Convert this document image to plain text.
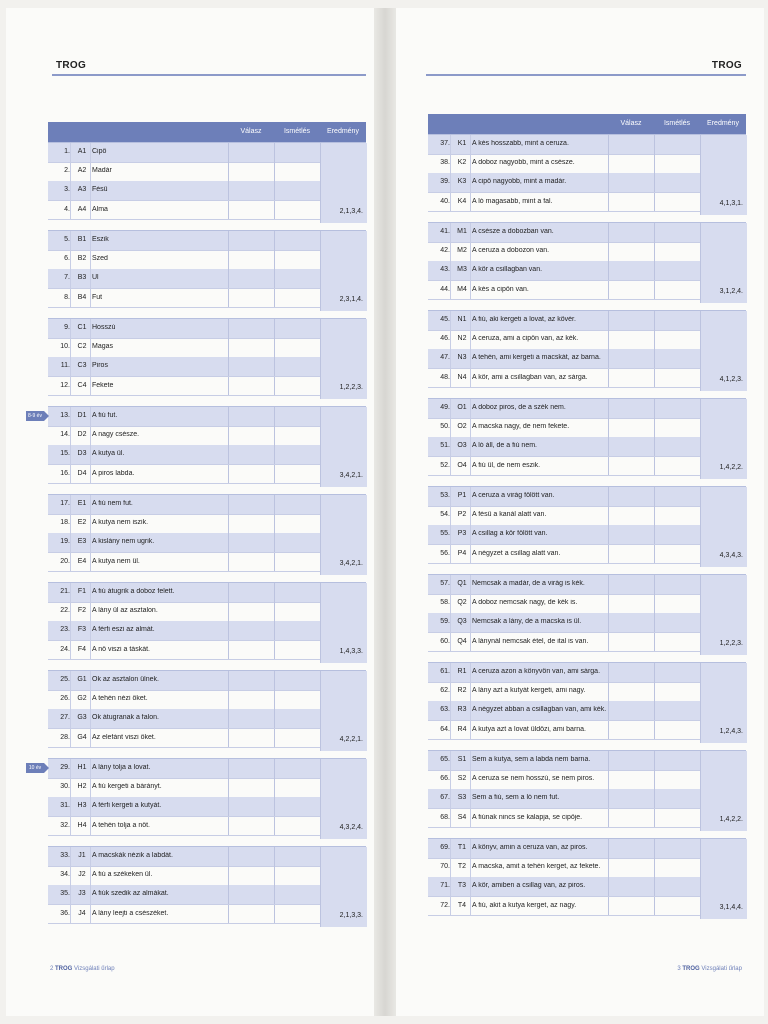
TROG
Válasz	Ismétlés	Eredmény
2 TROG Vizsgálati űrlap
1.	A1 Cipő
2.	A2 Madár
3.	A3 Fésű
4.	A4 Alma	2,1,3,4.
5.	B1 Eszik
6.	B2 Szed
7.	B3 Ül
8.	B4 Fut	2,3,1,4.
9.	C1 Hosszú
10.	C2 Magas
11.	C3 Piros
12.	C4 Fekete	1,2,2,3.
13.	D1 A fiú fut.
14.	D2 A nagy csésze.
15.	D3 A kutya ül.
16.	D4 A piros labda.	3,4,2,1.
8-9 év
17.	E1 A fiú nem fut.
18.	E2 A kutya nem iszik.
19.	E3 A kislány nem ugrik.
20.	E4 A kutya nem ül.	3,4,2,1.
21.	F1 A fiú átugrik a doboz felett.
22.	F2 A lány ül az asztalon.
23.	F3 A férfi eszi az almát.
24.	F4 A nő viszi a táskát.	1,4,3,3.
25.	G1 Ők az asztalon ülnek.
26.	G2 A tehén nézi őket.
27.	G3 Ők átugranak a falon.
28.	G4 Az elefánt viszi őket.	4,2,2,1.
29.	H1 A lány tolja a lovat.
30.	H2 A fiú kergeti a bárányt.
31.	H3 A férfi kergeti a kutyát.
32.	H4 A tehén tolja a nőt.	4,3,2,4.
10 év
33.	J1 A macskák nézik a labdát.
34.	J2 A fiú a székeken ül.
35.	J3 A fiúk szedik az almákat.
36.	J4 A lány leejti a csészéket.	2,1,3,3.
TROG
Válasz	Ismétlés	Eredmény
3 TROG Vizsgálati űrlap
37.	K1 A kés hosszabb, mint a ceruza.
38.	K2 A doboz nagyobb, mint a csésze.
39.	K3 A cipő nagyobb, mint a madár.
40.	K4 A ló magasabb, mint a fal.	4,1,3,1.
41.	M1 A csésze a dobozban van.
42.	M2 A ceruza a dobozon van.
43.	M3 A kör a csillagban van.
44.	M4 A kés a cipőn van.	3,1,2,4.
45.	N1 A fiú, aki kergeti a lovat, az kövér.
46.	N2 A ceruza, ami a cipőn van, az kék.
47.	N3 A tehén, ami kergeti a macskát, az barna.
48.	N4 A kör, ami a csillagban van, az sárga.	4,1,2,3.
49.	O1 A doboz piros, de a szék nem.
50.	O2 A macska nagy, de nem fekete.
51.	O3 A ló áll, de a fiú nem.
52.	O4 A fiú ül, de nem eszik.	1,4,2,2.
53.	P1 A ceruza a virág fölött van.
54.	P2 A fésű a kanál alatt van.
55.	P3 A csillag a kör fölött van.
56.	P4 A négyzet a csillag alatt van.	4,3,4,3.
57.	Q1 Nemcsak a madár, de a virág is kék.
58.	Q2 A doboz nemcsak nagy, de kék is.
59.	Q3 Nemcsak a lány, de a macska is ül.
60.	Q4 A lánynál nemcsak étel, de ital is van.	1,2,2,3.
61.	R1 A ceruza azon a könyvön van, ami sárga.
62.	R2 A lány azt a kutyát kergeti, ami nagy.
63.	R3 A négyzet abban a csillagban van, ami kék.
64.	R4 A kutya azt a lovat üldözi, ami barna.	1,2,4,3.
65.	S1 Sem a kutya, sem a labda nem barna.
66.	S2 A ceruza se nem hosszú, se nem piros.
67.	S3 Sem a fiú, sem a ló nem fut.
68.	S4 A fiúnak nincs se kalapja, se cipője.	1,4,2,2.
69.	T1 A könyv, amin a ceruza van, az piros.
70.	T2 A macska, amit a tehén kerget, az fekete.
71.	T3 A kör, amiben a csillag van, az piros.
72.	T4 A fiú, akit a kutya kerget, az nagy.	3,1,4,4.
